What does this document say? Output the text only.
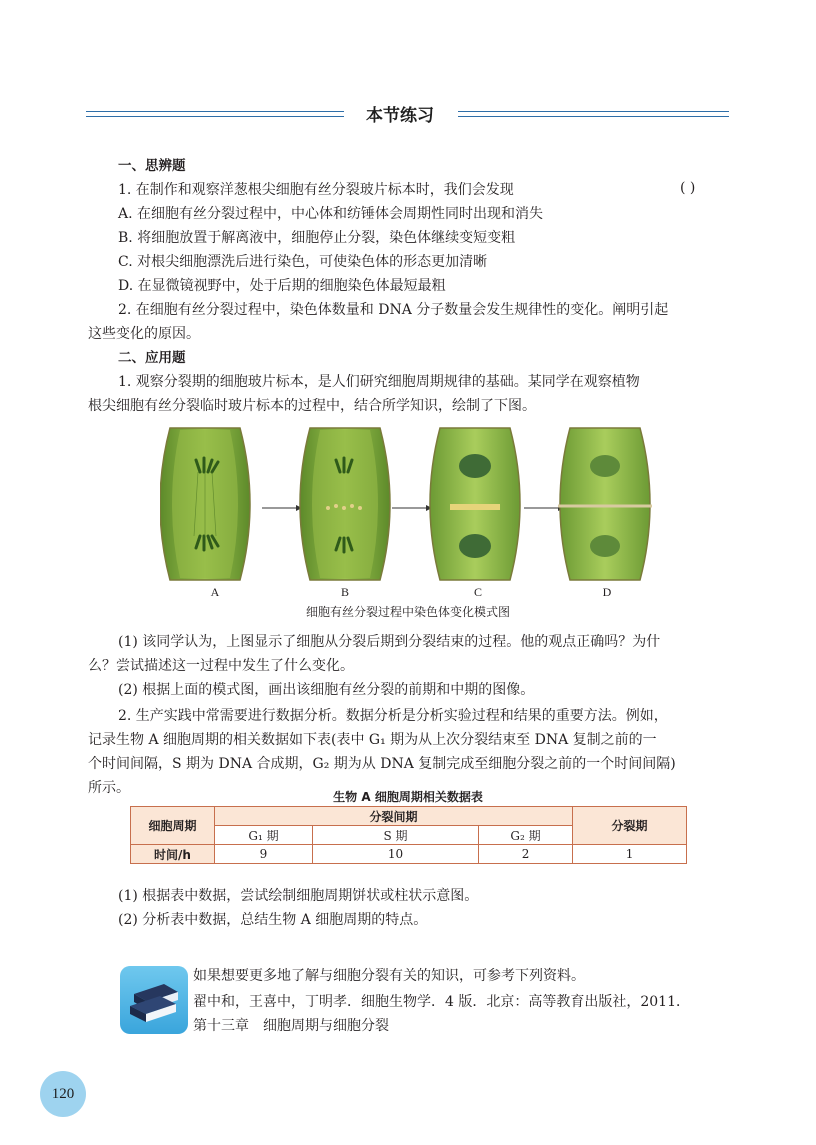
本节练习
一、思辨题
1. 在制作和观察洋葱根尖细胞有丝分裂玻片标本时，我们会发现	( )
A. 在细胞有丝分裂过程中，中心体和纺锤体会周期性同时出现和消失
B. 将细胞放置于解离液中，细胞停止分裂，染色体继续变短变粗
C. 对根尖细胞漂洗后进行染色，可使染色体的形态更加清晰
D. 在显微镜视野中，处于后期的细胞染色体最短最粗
2. 在细胞有丝分裂过程中，染色体数量和 DNA 分子数量会发生规律性的变化。阐明引起
这些变化的原因。
二、应用题
1. 观察分裂期的细胞玻片标本，是人们研究细胞周期规律的基础。某同学在观察植物
根尖细胞有丝分裂临时玻片标本的过程中，结合所学知识，绘制了下图。
A	B	C	D
细胞有丝分裂过程中染色体变化模式图
(1) 该同学认为，上图显示了细胞从分裂后期到分裂结束的过程。他的观点正确吗？为什
么？尝试描述这一过程中发生了什么变化。
(2) 根据上面的模式图，画出该细胞有丝分裂的前期和中期的图像。
2. 生产实践中常需要进行数据分析。数据分析是分析实验过程和结果的重要方法。例如，
记录生物 A 细胞周期的相关数据如下表(表中 G₁ 期为从上次分裂结束至 DNA 复制之前的一
个时间间隔，S 期为 DNA 合成期，G₂ 期为从 DNA 复制完成至细胞分裂之前的一个时间间隔)
所示。
生物 A 细胞周期相关数据表
细胞周期	分裂间期			分裂期
	G₁ 期	S 期	G₂ 期	
时间/h	9	10	2	1
(1) 根据表中数据，尝试绘制细胞周期饼状或柱状示意图。
(2) 分析表中数据，总结生物 A 细胞周期的特点。
如果想要更多地了解与细胞分裂有关的知识，可参考下列资料。
翟中和，王喜中，丁明孝．细胞生物学．4 版．北京：高等教育出版社，2011．
第十三章　细胞周期与细胞分裂
120
